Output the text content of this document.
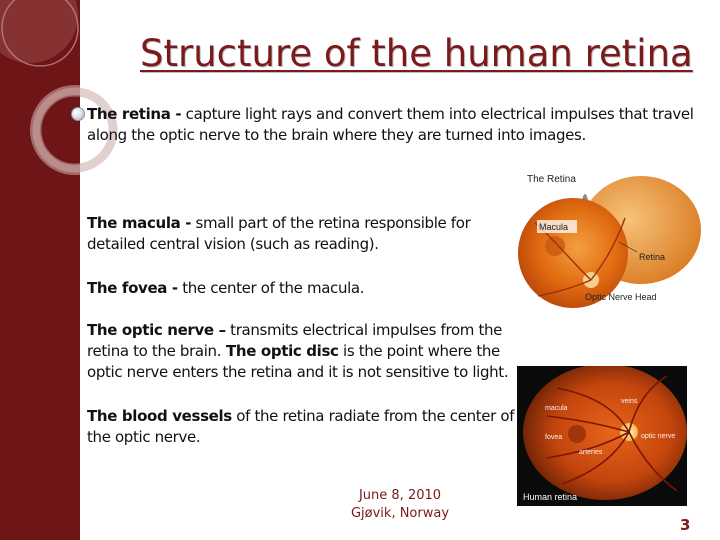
Structure of the human retina
The retina - capture light rays and convert them into electrical impulses that travel along the optic nerve to the brain where they are turned into images.
The macula - small part of the retina responsible for detailed central vision (such as reading).
The fovea - the center of the macula.
The optic nerve – transmits electrical impulses from the retina to the brain. The optic disc is the point where the optic nerve enters the retina and it is not sensitive to light.
The blood vessels of the retina radiate from the center of the optic nerve.
The Retina
Macula
Retina
Optic Nerve Head
macula
fovea
veins
arteries
optic nerve
Human retina
June 8, 2010
Gjøvik, Norway
3
